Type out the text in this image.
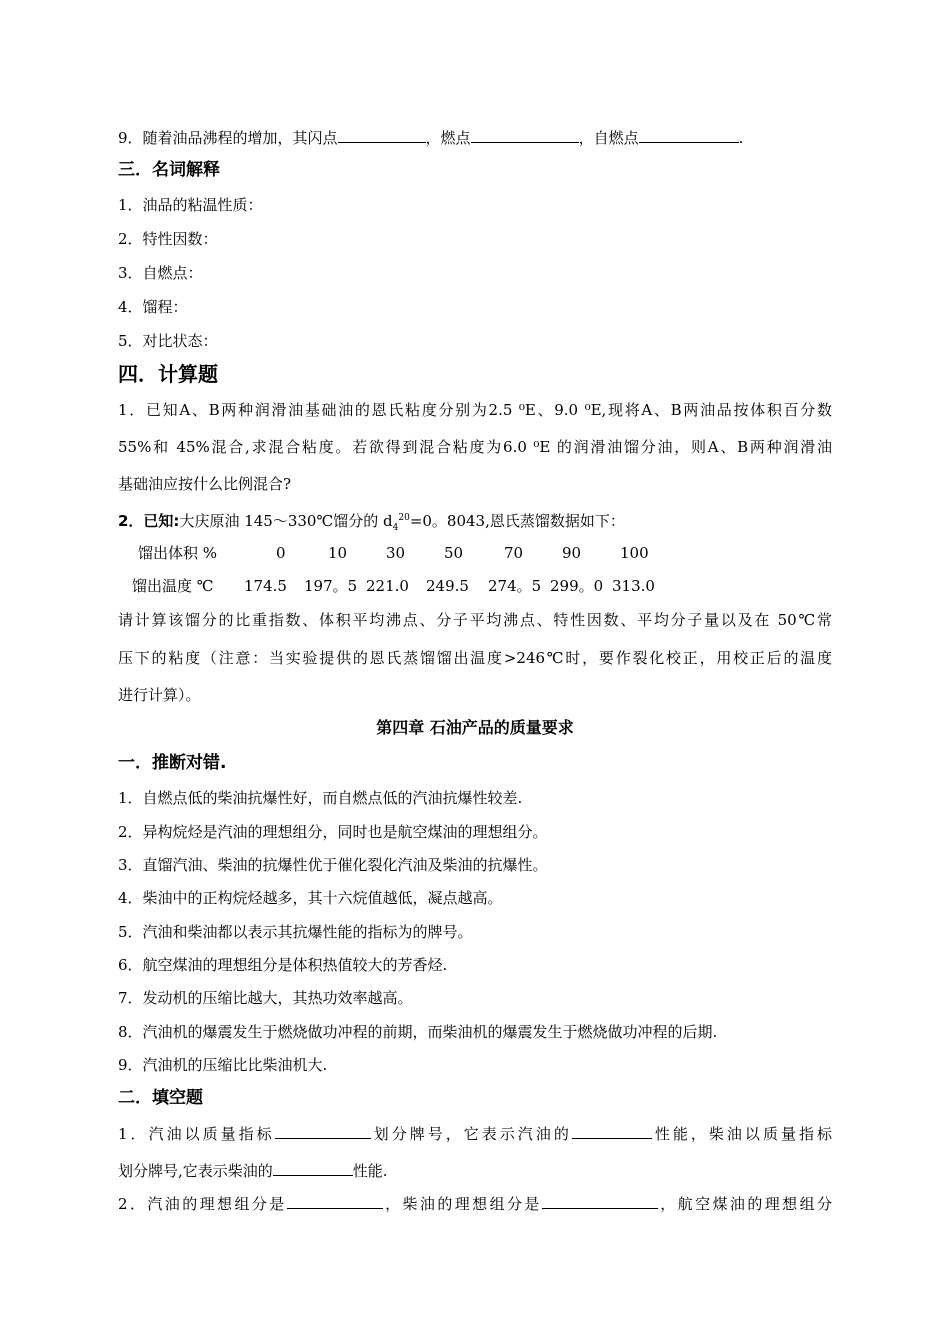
9．随着油品沸程的增加，其闪点	，燃点	，自燃点	.
三．名词解释
1．油品的粘温性质：
2．特性因数：
3．自燃点：
4．馏程：
5．对比状态：
四．计算题
1．已知A、B两种润滑油基础油的恩氏粘度分别为2.5 ⁰E、9.0 ⁰E,现将A、B两油品按体积百分数
55%和 45%混合,求混合粘度。若欲得到混合粘度为6.0 ⁰E 的润滑油馏分油，则A、B两种润滑油
基础油应按什么比例混合?
2．已知:大庆原油 145～330℃馏分的 $d_4^{20}=0$。8043,恩氏蒸馏数据如下：
馏出体积 %	0	10	30	50	70	90	100
馏出温度 ℃ 174.5 197。5 221.0 249.5 274。5 299。0 313.0
请计算该馏分的比重指数、体积平均沸点、分子平均沸点、特性因数、平均分子量以及在 50℃常
压下的粘度（注意：当实验提供的恩氏蒸馏馏出温度>246℃时，要作裂化校正，用校正后的温度
进行计算）。
第四章 石油产品的质量要求
一．推断对错.
1．自燃点低的柴油抗爆性好，而自燃点低的汽油抗爆性较差.
2．异构烷烃是汽油的理想组分，同时也是航空煤油的理想组分。
3．直馏汽油、柴油的抗爆性优于催化裂化汽油及柴油的抗爆性。
4．柴油中的正构烷烃越多，其十六烷值越低，凝点越高。
5．汽油和柴油都以表示其抗爆性能的指标为的牌号。
6．航空煤油的理想组分是体积热值较大的芳香烃.
7．发动机的压缩比越大，其热功效率越高。
8．汽油机的爆震发生于燃烧做功冲程的前期，而柴油机的爆震发生于燃烧做功冲程的后期.
9．汽油机的压缩比比柴油机大.
二．填空题
1．汽油以质量指标	划分牌号，它表示汽油的	性能，柴油以质量指标
划分牌号,它表示柴油的	性能.
2．汽油的理想组分是	，柴油的理想组分是	，航空煤油的理想组分
